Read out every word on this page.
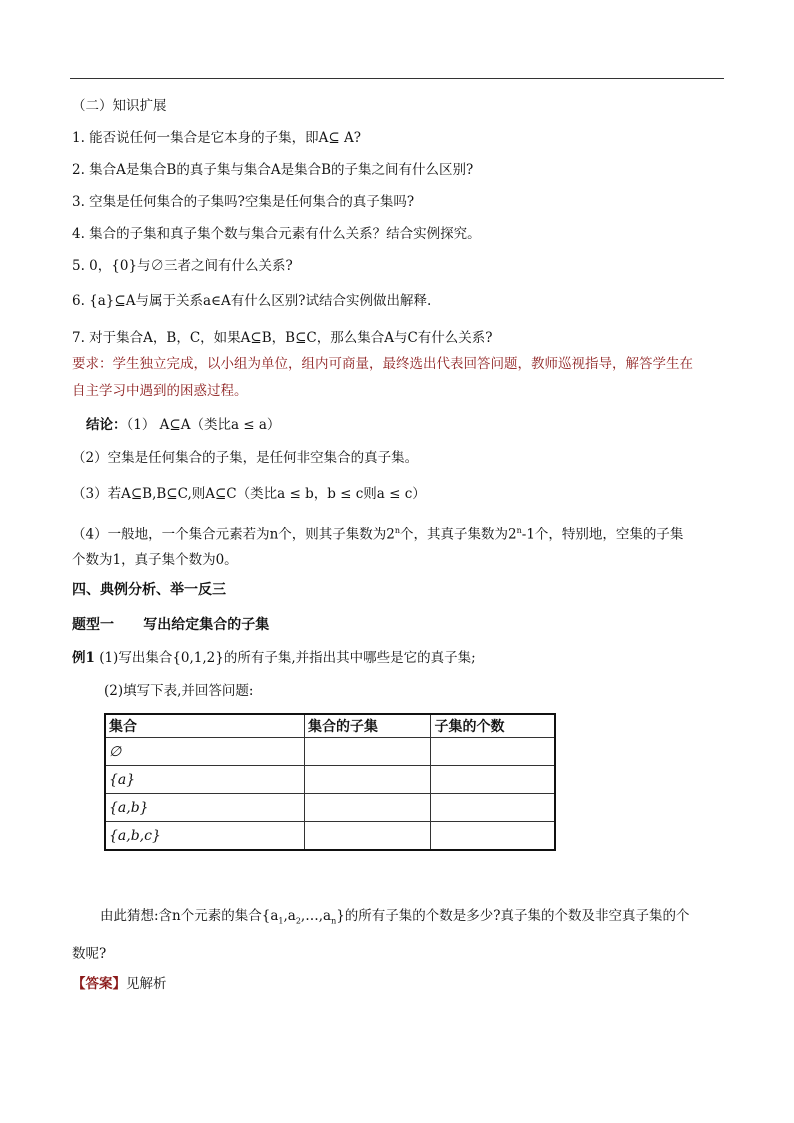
（二）知识扩展
1. 能否说任何一集合是它本身的子集，即A⊆ A?
2. 集合A是集合B的真子集与集合A是集合B的子集之间有什么区别?
3. 空集是任何集合的子集吗?空集是任何集合的真子集吗?
4. 集合的子集和真子集个数与集合元素有什么关系？结合实例探究。
5. 0，{0}与∅三者之间有什么关系?
6. {a}⊆A与属于关系a∈A有什么区别?试结合实例做出解释.
7. 对于集合A，B，C，如果A⊆B，B⊆C，那么集合A与C有什么关系?
要求：学生独立完成，以小组为单位，组内可商量，最终选出代表回答问题，教师巡视指导，解答学生在
自主学习中遇到的困惑过程。
结论：（1） A⊆A（类比a ≤ a）
（2）空集是任何集合的子集，是任何非空集合的真子集。
（3）若A⊆B,B⊆C,则A⊆C（类比a ≤ b，b ≤ c则a ≤ c）
（4）一般地，一个集合元素若为n个，则其子集数为2$^n$个，其真子集数为2$^n$-1个，特别地，空集的子集
个数为1，真子集个数为0。
四、典例分析、举一反三
题型一      写出给定集合的子集
例1 (1)写出集合{0,1,2}的所有子集,并指出其中哪些是它的真子集;
(2)填写下表,并回答问题:
集合	集合的子集	子集的个数
∅		
{a}		
{a,b}		
{a,b,c}		
由此猜想:含n个元素的集合$\{a_1,a_2,\dots,a_n\}$的所有子集的个数是多少?真子集的个数及非空真子集的个
数呢?
【答案】见解析
